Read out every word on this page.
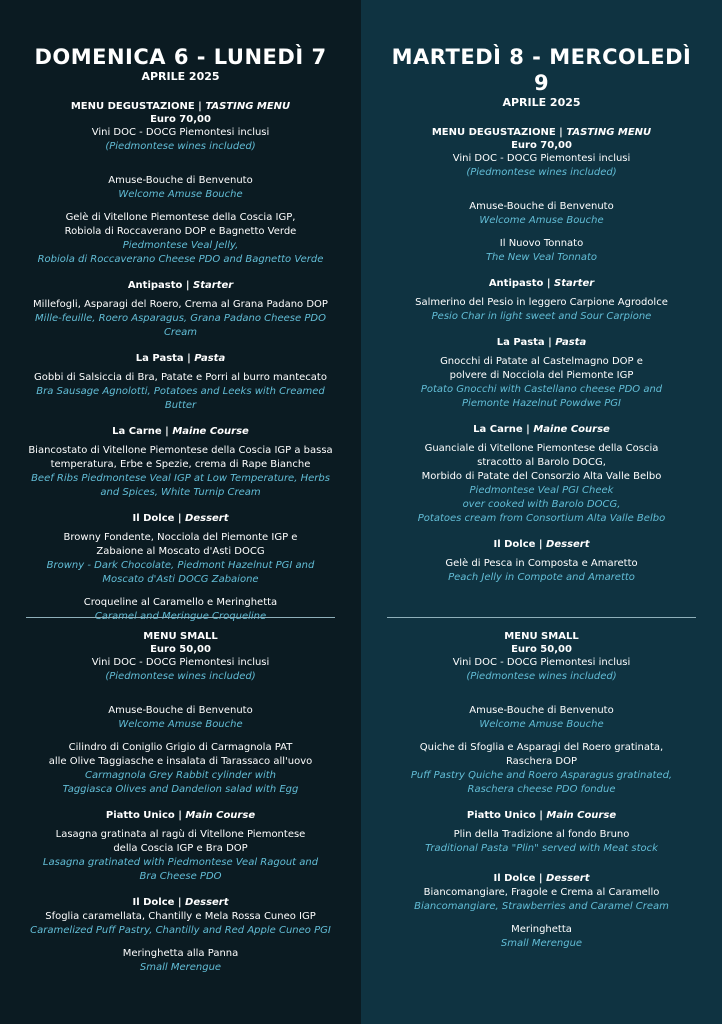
DOMENICA 6 - LUNEDÌ 7
APRILE 2025
MENU DEGUSTAZIONE | TASTING MENU
Euro 70,00
Vini DOC - DOCG Piemontesi inclusi
(Piedmontese wines included)
Amuse-Bouche di Benvenuto
Welcome Amuse Bouche
Gelè di Vitellone Piemontese della Coscia IGP,
Robiola di Roccaverano DOP e Bagnetto Verde
Piedmontese Veal Jelly,
Robiola di Roccaverano Cheese PDO and Bagnetto Verde
Antipasto | Starter
Millefogli, Asparagi del Roero, Crema al Grana Padano DOP
Mille-feuille, Roero Asparagus, Grana Padano Cheese PDO Cream
La Pasta | Pasta
Gobbi di Salsiccia di Bra, Patate e Porri al burro mantecato
Bra Sausage Agnolotti, Potatoes and Leeks with Creamed Butter
La Carne | Maine Course
Biancostato di Vitellone Piemontese della Coscia IGP a bassa
temperatura, Erbe e Spezie, crema di Rape Bianche
Beef Ribs Piedmontese Veal IGP at Low Temperature, Herbs
and Spices, White Turnip Cream
Il Dolce | Dessert
Browny Fondente, Nocciola del Piemonte IGP e
Zabaione al Moscato d'Asti DOCG
Browny - Dark Chocolate, Piedmont Hazelnut PGI and
Moscato d'Asti DOCG Zabaione
Croqueline al Caramello e Meringhetta
Caramel and Meringue Croqueline
MENU SMALL
Euro 50,00
Vini DOC - DOCG Piemontesi inclusi
(Piedmontese wines included)
Amuse-Bouche di Benvenuto
Welcome Amuse Bouche
Cilindro di Coniglio Grigio di Carmagnola PAT
alle Olive Taggiasche e insalata di Tarassaco all'uovo
Carmagnola Grey Rabbit cylinder with
Taggiasca Olives and Dandelion salad with Egg
Piatto Unico | Main Course
Lasagna gratinata al ragù di Vitellone Piemontese
della Coscia IGP e Bra DOP
Lasagna gratinated with Piedmontese Veal Ragout and
Bra Cheese PDO
Il Dolce | Dessert
Sfoglia caramellata, Chantilly e Mela Rossa Cuneo IGP
Caramelized Puff Pastry, Chantilly and Red Apple Cuneo PGI
Meringhetta alla Panna
Small Merengue
MARTEDÌ 8 - MERCOLEDÌ 9
APRILE 2025
MENU DEGUSTAZIONE | TASTING MENU
Euro 70,00
Vini DOC - DOCG Piemontesi inclusi
(Piedmontese wines included)
Amuse-Bouche di Benvenuto
Welcome Amuse Bouche
Il Nuovo Tonnato
The New Veal Tonnato
Antipasto | Starter
Salmerino del Pesio in leggero Carpione Agrodolce
Pesio Char in light sweet and Sour Carpione
La Pasta | Pasta
Gnocchi di Patate al Castelmagno DOP e
polvere di Nocciola del Piemonte IGP
Potato Gnocchi with Castellano cheese PDO and
Piemonte Hazelnut Powdwe PGI
La Carne | Maine Course
Guanciale di Vitellone Piemontese della Coscia
stracotto al Barolo DOCG,
Morbido di Patate del Consorzio Alta Valle Belbo
Piedmontese Veal PGI Cheek
over cooked with Barolo DOCG,
Potatoes cream from Consortium Alta Valle Belbo
Il Dolce | Dessert
Gelè di Pesca in Composta e Amaretto
Peach Jelly in Compote and Amaretto
MENU SMALL
Euro 50,00
Vini DOC - DOCG Piemontesi inclusi
(Piedmontese wines included)
Amuse-Bouche di Benvenuto
Welcome Amuse Bouche
Quiche di Sfoglia e Asparagi del Roero gratinata,
Raschera DOP
Puff Pastry Quiche and Roero Asparagus gratinated,
Raschera cheese PDO fondue
Piatto Unico | Main Course
Plin della Tradizione al fondo Bruno
Traditional Pasta "Plin" served with Meat stock
Il Dolce | Dessert
Biancomangiare, Fragole e Crema al Caramello
Biancomangiare, Strawberries and Caramel Cream
Meringhetta
Small Merengue
